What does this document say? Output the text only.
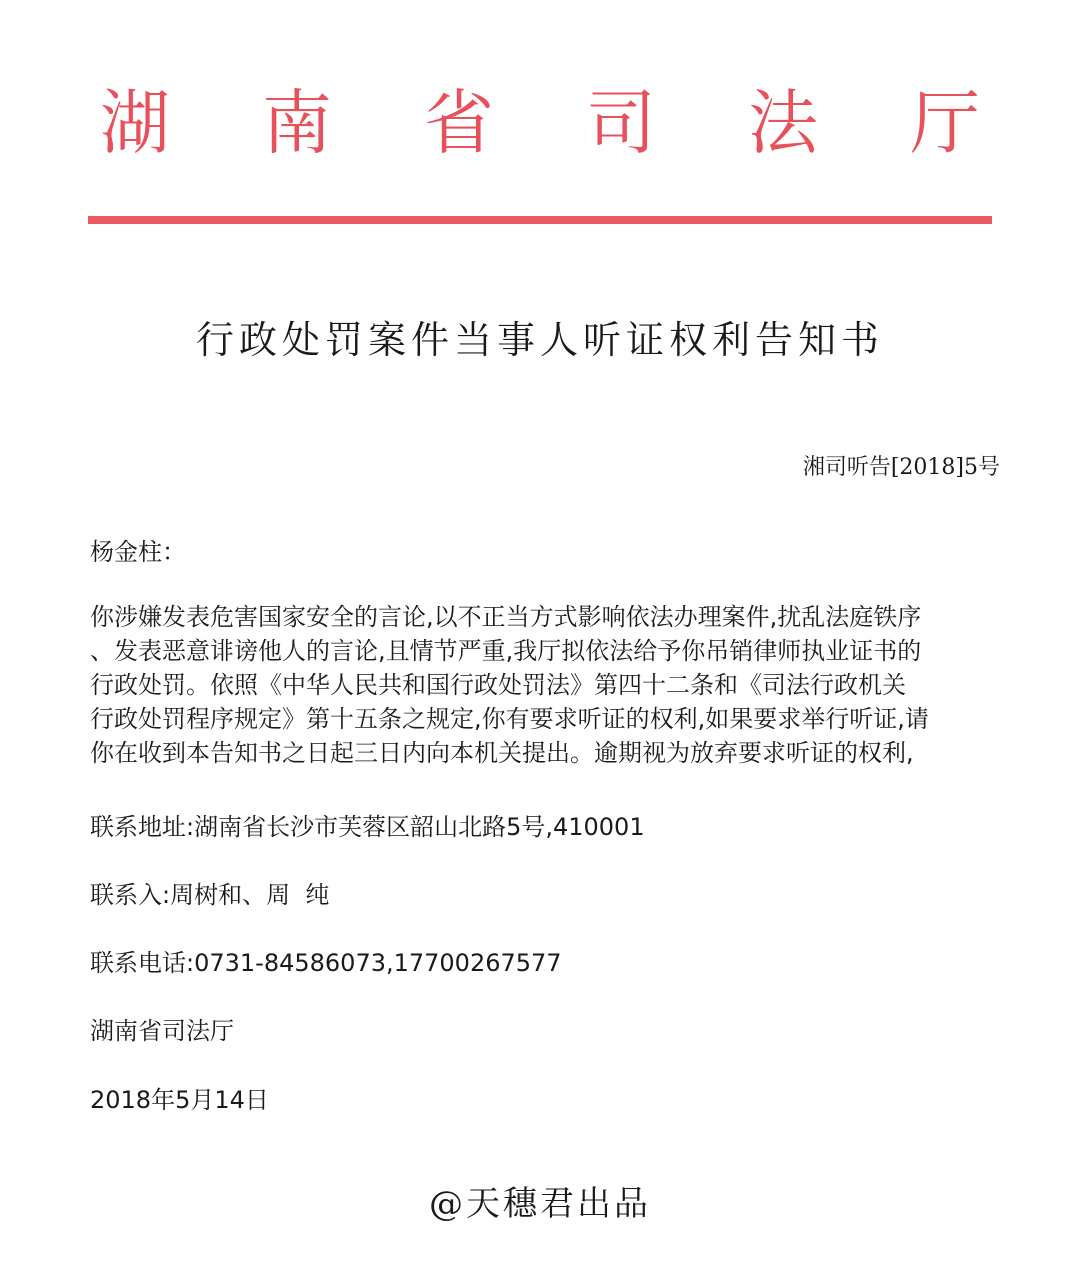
湖 南 省 司 法 厅
行政处罚案件当事人听证权利告知书
湘司听告[2018]5号

杨金柱：

你涉嫌发表危害国家安全的言论,以不正当方式影响依法办理案件,扰乱法庭铁序
、发表恶意诽谤他人的言论,且情节严重,我厅拟依法给予你吊销律师执业证书的
行政处罚。依照《中华人民共和国行政处罚法》第四十二条和《司法行政机关
行政处罚程序规定》第十五条之规定,你有要求听证的权利,如果要求举行听证,请
你在收到本告知书之日起三日内向本机关提出。逾期视为放弃要求听证的权利,

联系地址:湖南省长沙市芙蓉区韶山北路5号,410001

联系入:周树和、周  纯

联系电话:0731-84586073,17700267577

湖南省司法厅

2018年5月14日

@天穗君出品
